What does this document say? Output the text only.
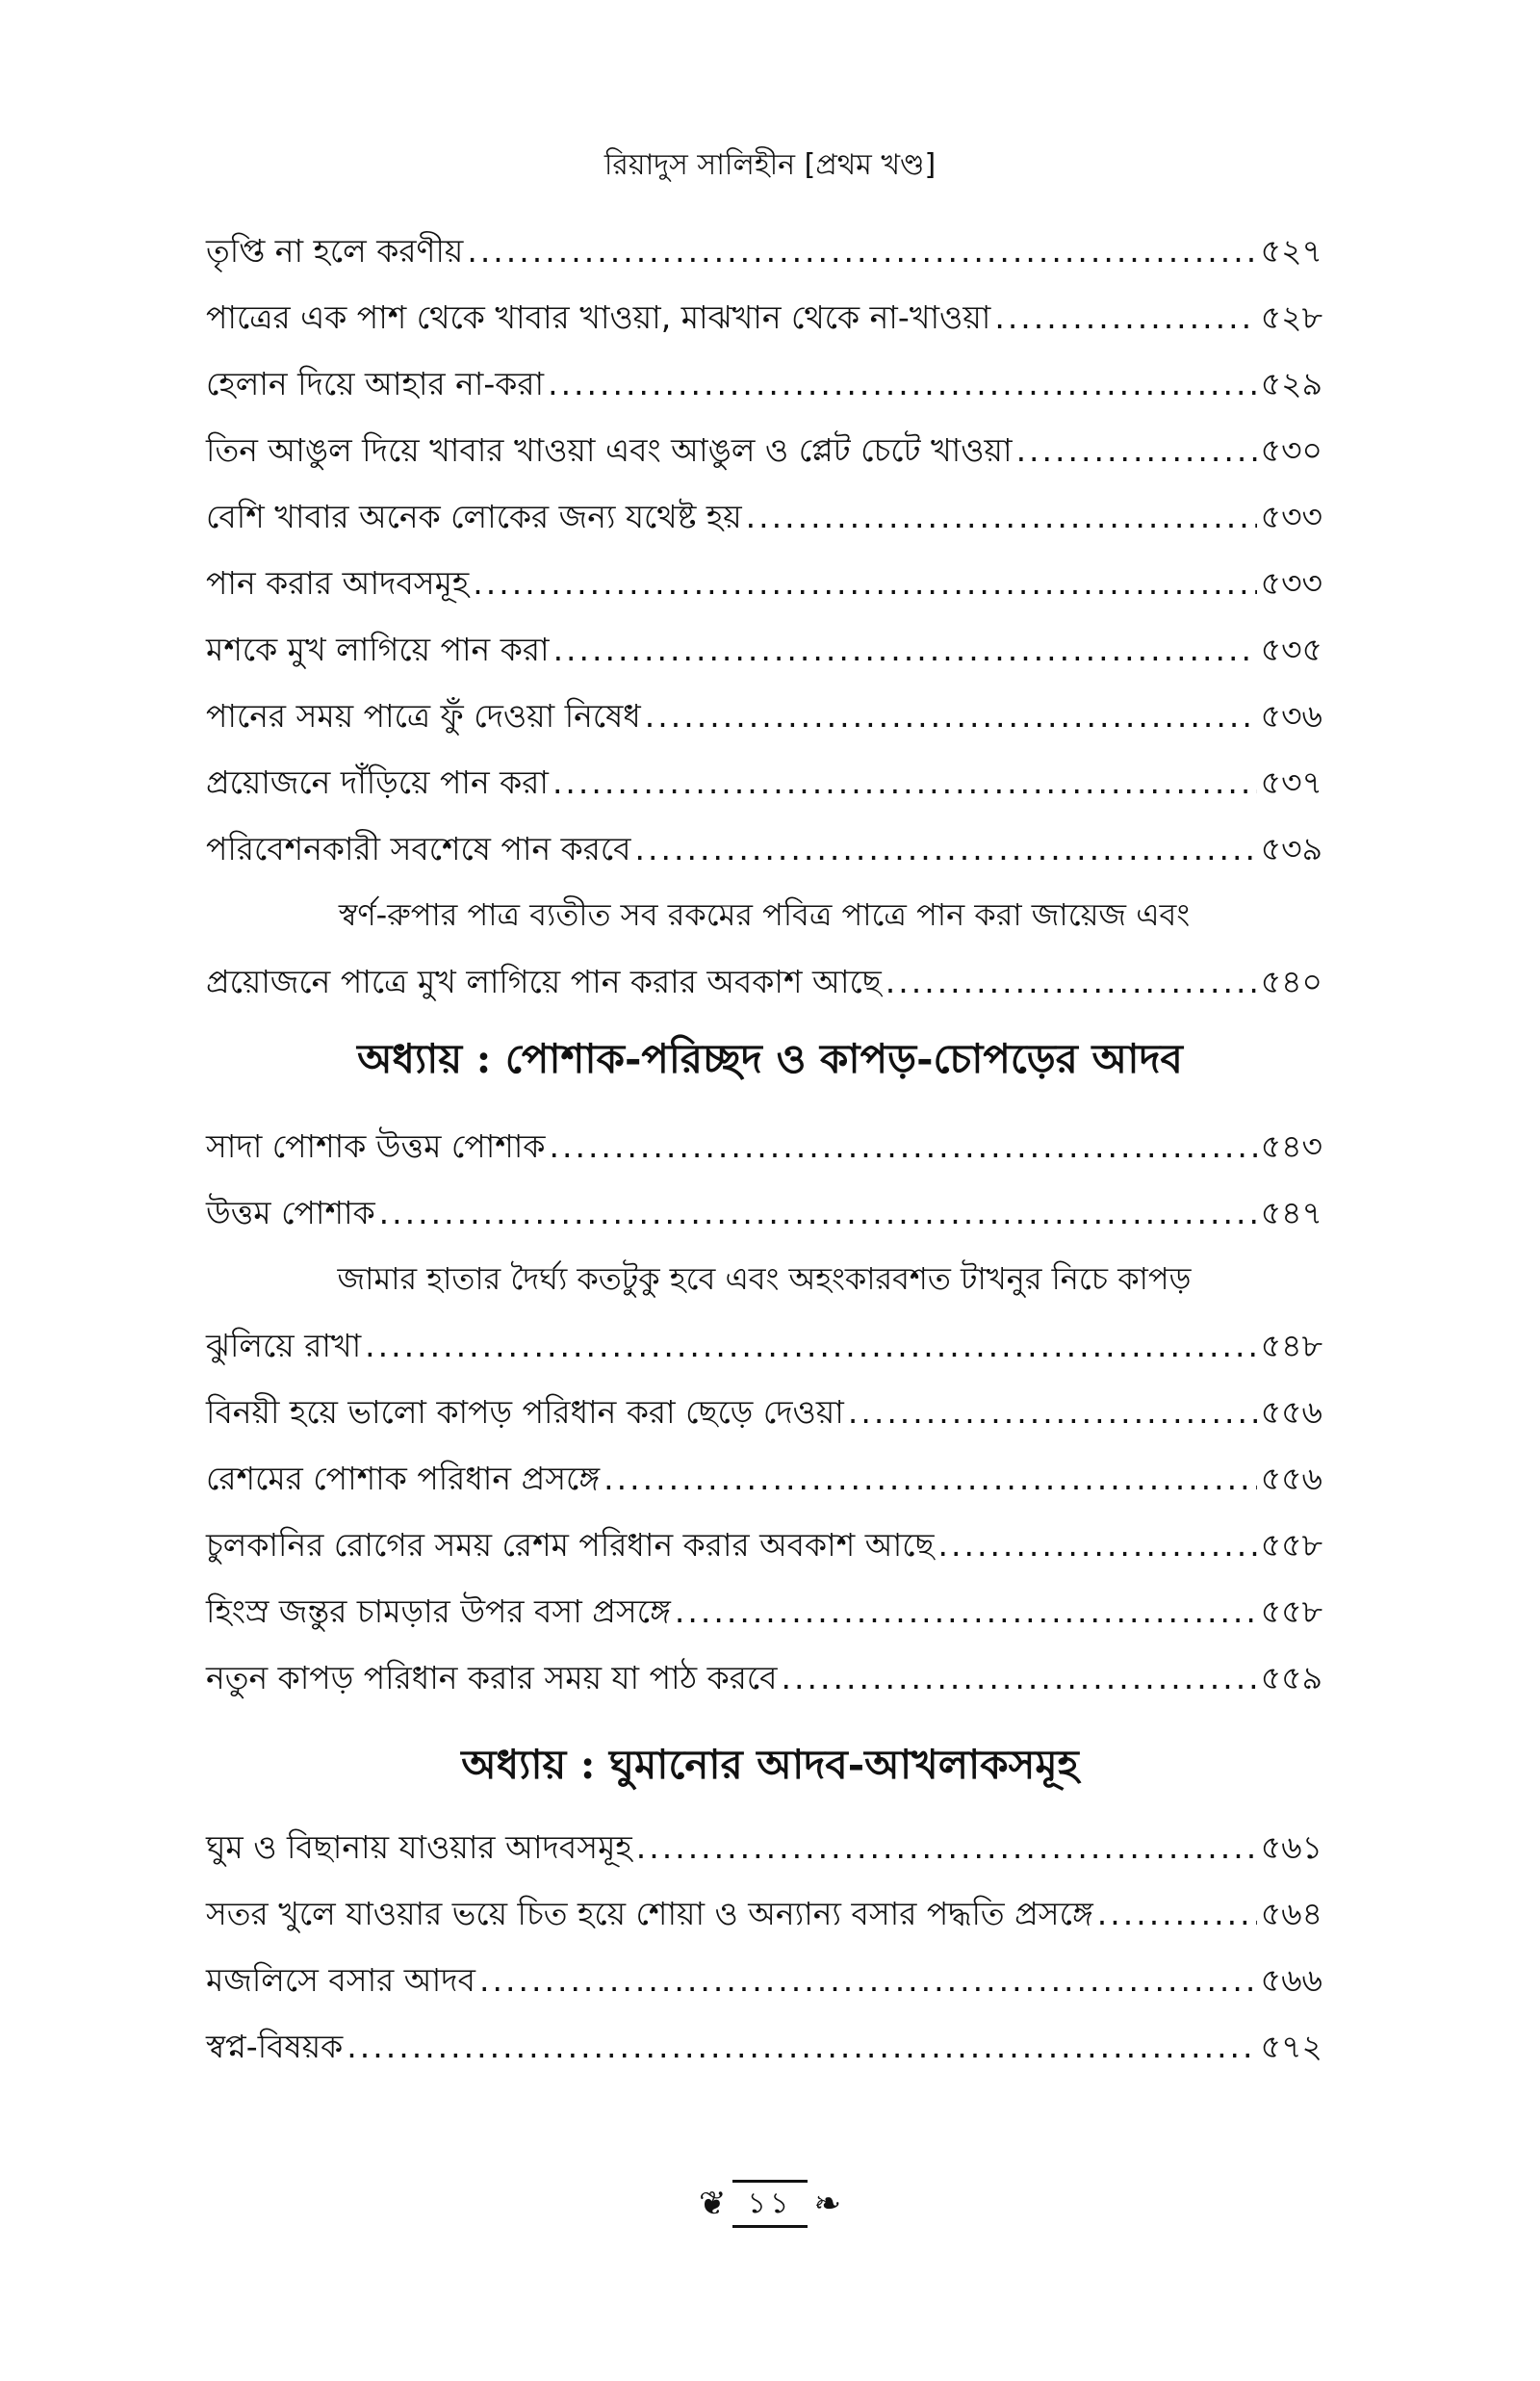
রিয়াদুস সালিহীন [প্রথম খণ্ড]
তৃপ্তি না হলে করণীয় .....	৫২৭
পাত্রের এক পাশ থেকে খাবার খাওয়া, মাঝখান থেকে না-খাওয়া .....	৫২৮
হেলান দিয়ে আহার না-করা .....	৫২৯
তিন আঙুল দিয়ে খাবার খাওয়া এবং আঙুল ও প্লেট চেটে খাওয়া .....	৫৩০
বেশি খাবার অনেক লোকের জন্য যথেষ্ট হয় .....	৫৩৩
পান করার আদবসমূহ .....	৫৩৩
মশকে মুখ লাগিয়ে পান করা .....	৫৩৫
পানের সময় পাত্রে ফুঁ দেওয়া নিষেধ .....	৫৩৬
প্রয়োজনে দাঁড়িয়ে পান করা .....	৫৩৭
পরিবেশনকারী সবশেষে পান করবে .....	৫৩৯
স্বর্ণ-রুপার পাত্র ব্যতীত সব রকমের পবিত্র পাত্রে পান করা জায়েজ এবং
প্রয়োজনে পাত্রে মুখ লাগিয়ে পান করার অবকাশ আছে .....	৫৪০
অধ্যায় : পোশাক-পরিচ্ছদ ও কাপড়-চোপড়ের আদব
সাদা পোশাক উত্তম পোশাক .....	৫৪৩
উত্তম পোশাক .....	৫৪৭
জামার হাতার দৈর্ঘ্য কতটুকু হবে এবং অহংকারবশত টাখনুর নিচে কাপড়
ঝুলিয়ে রাখা .....	৫৪৮
বিনয়ী হয়ে ভালো কাপড় পরিধান করা ছেড়ে দেওয়া .....	৫৫৬
রেশমের পোশাক পরিধান প্রসঙ্গে .....	৫৫৬
চুলকানির রোগের সময় রেশম পরিধান করার অবকাশ আছে .....	৫৫৮
হিংস্র জন্তুর চামড়ার উপর বসা প্রসঙ্গে .....	৫৫৮
নতুন কাপড় পরিধান করার সময় যা পাঠ করবে .....	৫৫৯
অধ্যায় : ঘুমানোর আদব-আখলাকসমূহ
ঘুম ও বিছানায় যাওয়ার আদবসমূহ .....	৫৬১
সতর খুলে যাওয়ার ভয়ে চিত হয়ে শোয়া ও অন্যান্য বসার পদ্ধতি প্রসঙ্গে .....	৫৬৪
মজলিসে বসার আদব .....	৫৬৬
স্বপ্ন-বিষয়ক .....	৫৭২
❦ ১১ ❧
